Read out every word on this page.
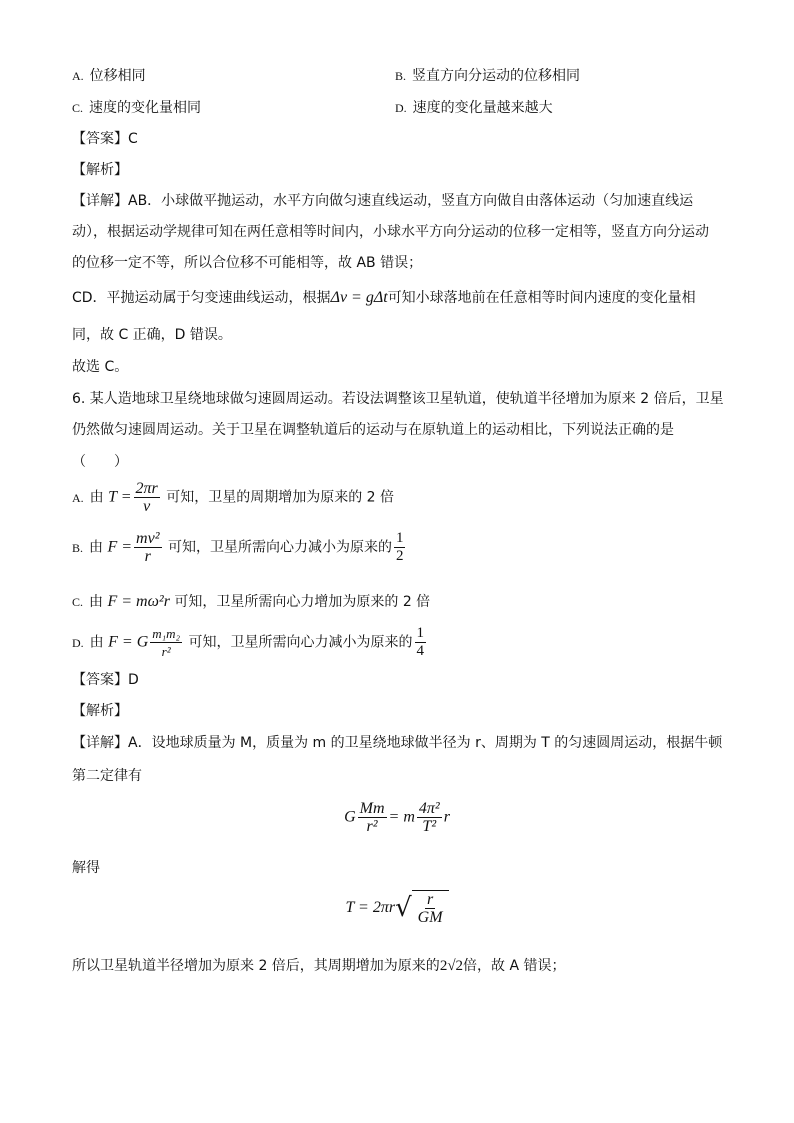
A. 位移相同	B. 竖直方向分运动的位移相同
C. 速度的变化量相同	D. 速度的变化量越来越大
【答案】C
【解析】
【详解】AB．小球做平抛运动，水平方向做匀速直线运动，竖直方向做自由落体运动（匀加速直线运
动），根据运动学规律可知在两任意相等时间内，小球水平方向分运动的位移一定相等，竖直方向分运动
的位移一定不等，所以合位移不可能相等，故 AB 错误；
CD．平抛运动属于匀变速曲线运动，根据Δv = gΔt可知小球落地前在任意相等时间内速度的变化量相
同，故 C 正确，D 错误。
故选 C。
6. 某人造地球卫星绕地球做匀速圆周运动。若设法调整该卫星轨道，使轨道半径增加为原来 2 倍后，卫星
仍然做匀速圆周运动。关于卫星在调整轨道后的运动与在原轨道上的运动相比，下列说法正确的是
（　　）
A. 由 $T = \frac{2\pi r}{v}$ 可知，卫星的周期增加为原来的 2 倍
B. 由 $F = \frac{\text{mv²}}{r}$ 可知，卫星所需向心力减小为原来的 $\frac{1}{2}$
C. 由 F = mω²r 可知，卫星所需向心力增加为原来的 2 倍
D. 由 F = G $\frac{\text{m₁m₂}}{\text{r²}}$ 可知，卫星所需向心力减小为原来的 $\frac{1}{4}$
【答案】D
【解析】
【详解】A．设地球质量为 M，质量为 m 的卫星绕地球做半径为 r、周期为 T 的匀速圆周运动，根据牛顿
第二定律有
G $\frac{Mm}{\text{r²}} = m \frac{\text{4π²}}{\text{T²}}$ r
解得
$T = 2\pi r√ \frac{r}{GM}$
所以卫星轨道半径增加为原来 2 倍后，其周期增加为原来的2√2倍，故 A 错误；
